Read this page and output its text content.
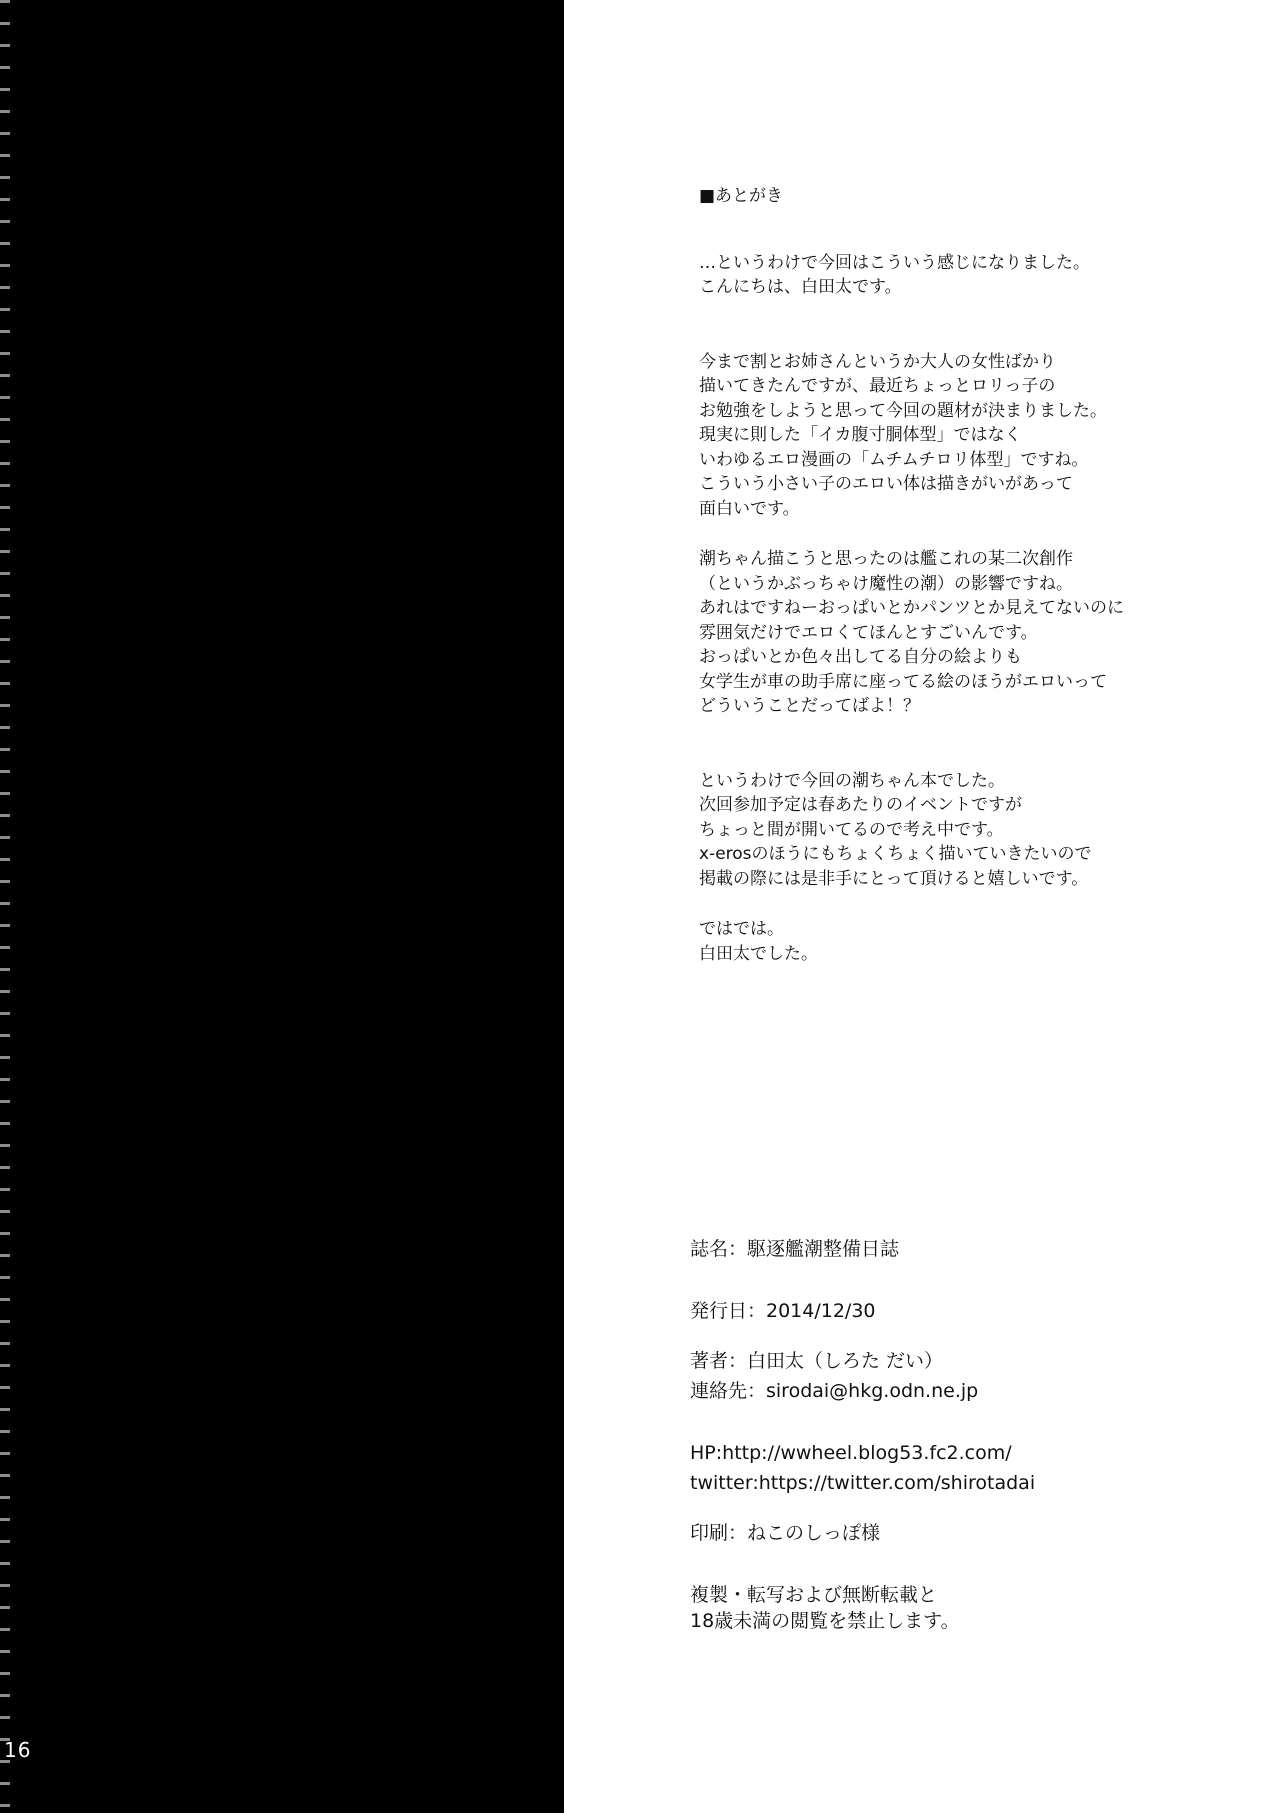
16
■あとがき
…というわけで今回はこういう感じになりました。
こんにちは、白田太です。
今まで割とお姉さんというか大人の女性ばかり
描いてきたんですが、最近ちょっとロリっ子の
お勉強をしようと思って今回の題材が決まりました。
現実に則した「イカ腹寸胴体型」ではなく
いわゆるエロ漫画の「ムチムチロリ体型」ですね。
こういう小さい子のエロい体は描きがいがあって
面白いです。
潮ちゃん描こうと思ったのは艦これの某二次創作
（というかぶっちゃけ魔性の潮）の影響ですね。
あれはですねーおっぱいとかパンツとか見えてないのに
雰囲気だけでエロくてほんとすごいんです。
おっぱいとか色々出してる自分の絵よりも
女学生が車の助手席に座ってる絵のほうがエロいって
どういうことだってばよ！？
というわけで今回の潮ちゃん本でした。
次回参加予定は春あたりのイベントですが
ちょっと間が開いてるので考え中です。
x-erosのほうにもちょくちょく描いていきたいので
掲載の際には是非手にとって頂けると嬉しいです。
ではでは。
白田太でした。
誌名：駆逐艦潮整備日誌
発行日：2014/12/30
著者：白田太（しろた だい）
連絡先：sirodai@hkg.odn.ne.jp
HP:http://wwheel.blog53.fc2.com/
twitter:https://twitter.com/shirotadai
印刷：ねこのしっぽ様
複製・転写および無断転載と
18歳未満の閲覧を禁止します。
